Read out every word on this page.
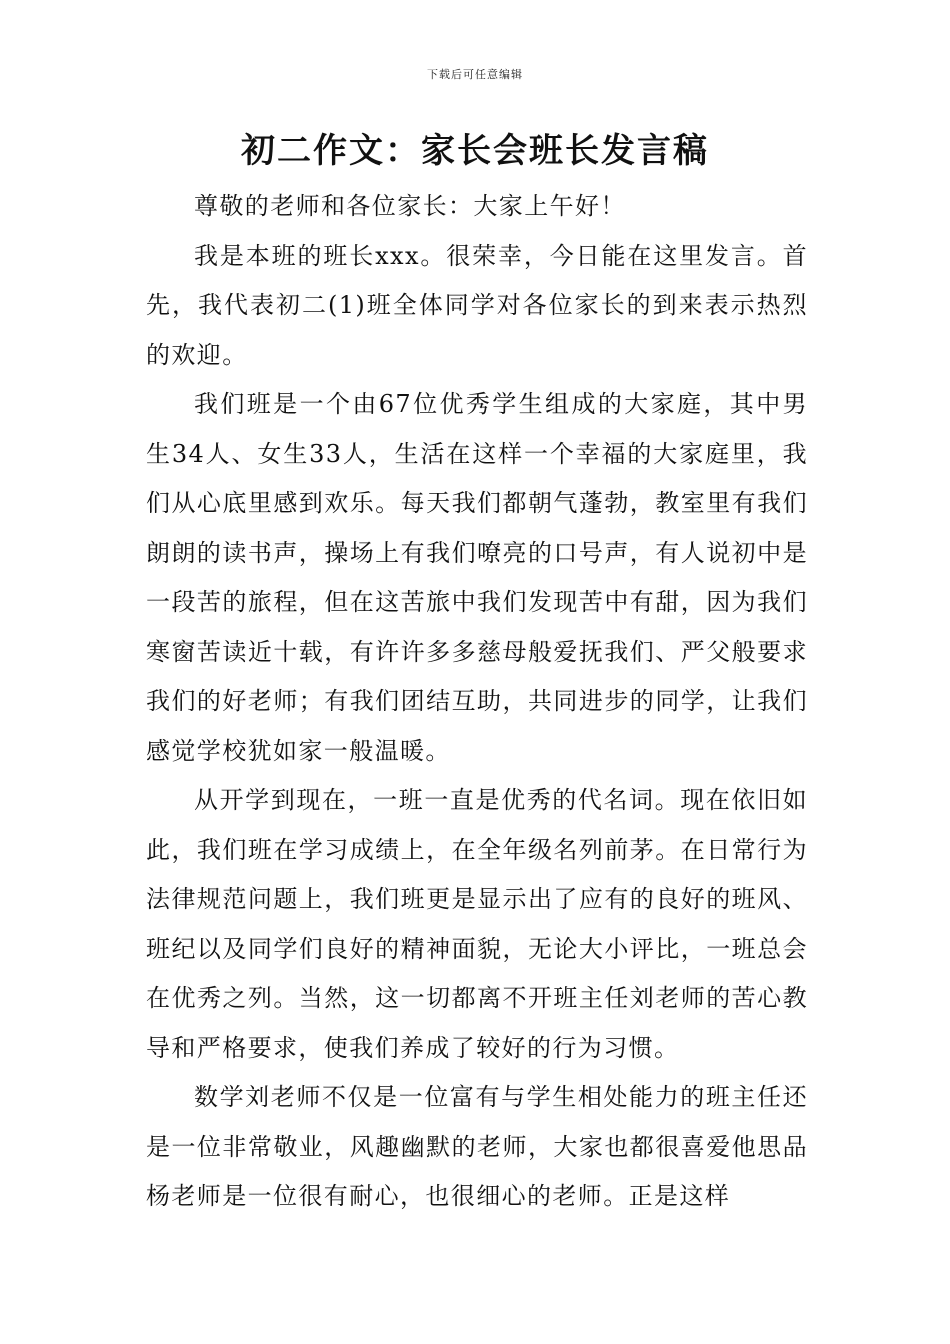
下载后可任意编辑
初二作文：家长会班长发言稿

尊敬的老师和各位家长：大家上午好！

我是本班的班长xxx。很荣幸，今日能在这里发言。首先，我代表初二(1)班全体同学对各位家长的到来表示热烈的欢迎。

我们班是一个由67位优秀学生组成的大家庭，其中男生34人、女生33人，生活在这样一个幸福的大家庭里，我们从心底里感到欢乐。每天我们都朝气蓬勃，教室里有我们朗朗的读书声，操场上有我们嘹亮的口号声，有人说初中是一段苦的旅程，但在这苦旅中我们发现苦中有甜，因为我们寒窗苦读近十载，有许许多多慈母般爱抚我们、严父般要求我们的好老师；有我们团结互助，共同进步的同学，让我们感觉学校犹如家一般温暖。

从开学到现在，一班一直是优秀的代名词。现在依旧如此，我们班在学习成绩上，在全年级名列前茅。在日常行为法律规范问题上，我们班更是显示出了应有的良好的班风、班纪以及同学们良好的精神面貌，无论大小评比，一班总会在优秀之列。当然，这一切都离不开班主任刘老师的苦心教导和严格要求，使我们养成了较好的行为习惯。

数学刘老师不仅是一位富有与学生相处能力的班主任还是一位非常敬业，风趣幽默的老师，大家也都很喜爱他思品杨老师是一位很有耐心，也很细心的老师。正是这样
